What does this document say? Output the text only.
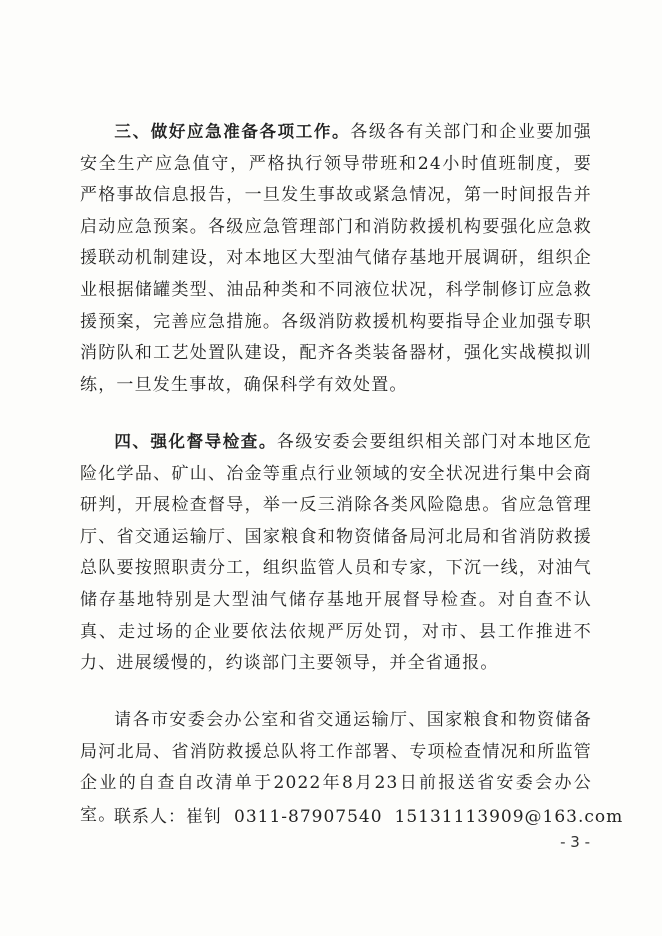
三、做好应急准备各项工作。各级各有关部门和企业要加强安全生产应急值守，严格执行领导带班和24小时值班制度，要严格事故信息报告，一旦发生事故或紧急情况，第一时间报告并启动应急预案。各级应急管理部门和消防救援机构要强化应急救援联动机制建设，对本地区大型油气储存基地开展调研，组织企业根据储罐类型、油品种类和不同液位状况，科学制修订应急救援预案，完善应急措施。各级消防救援机构要指导企业加强专职消防队和工艺处置队建设，配齐各类装备器材，强化实战模拟训练，一旦发生事故，确保科学有效处置。

四、强化督导检查。各级安委会要组织相关部门对本地区危险化学品、矿山、冶金等重点行业领域的安全状况进行集中会商研判，开展检查督导，举一反三消除各类风险隐患。省应急管理厅、省交通运输厅、国家粮食和物资储备局河北局和省消防救援总队要按照职责分工，组织监管人员和专家，下沉一线，对油气储存基地特别是大型油气储存基地开展督导检查。对自查不认真、走过场的企业要依法依规严厉处罚，对市、县工作推进不力、进展缓慢的，约谈部门主要领导，并全省通报。

请各市安委会办公室和省交通运输厅、国家粮食和物资储备局河北局、省消防救援总队将工作部署、专项检查情况和所监管企业的自查自改清单于2022年8月23日前报送省安委会办公室。

联系人：崔钊 0311-87907540 15131113909@163.com

- 3 -
